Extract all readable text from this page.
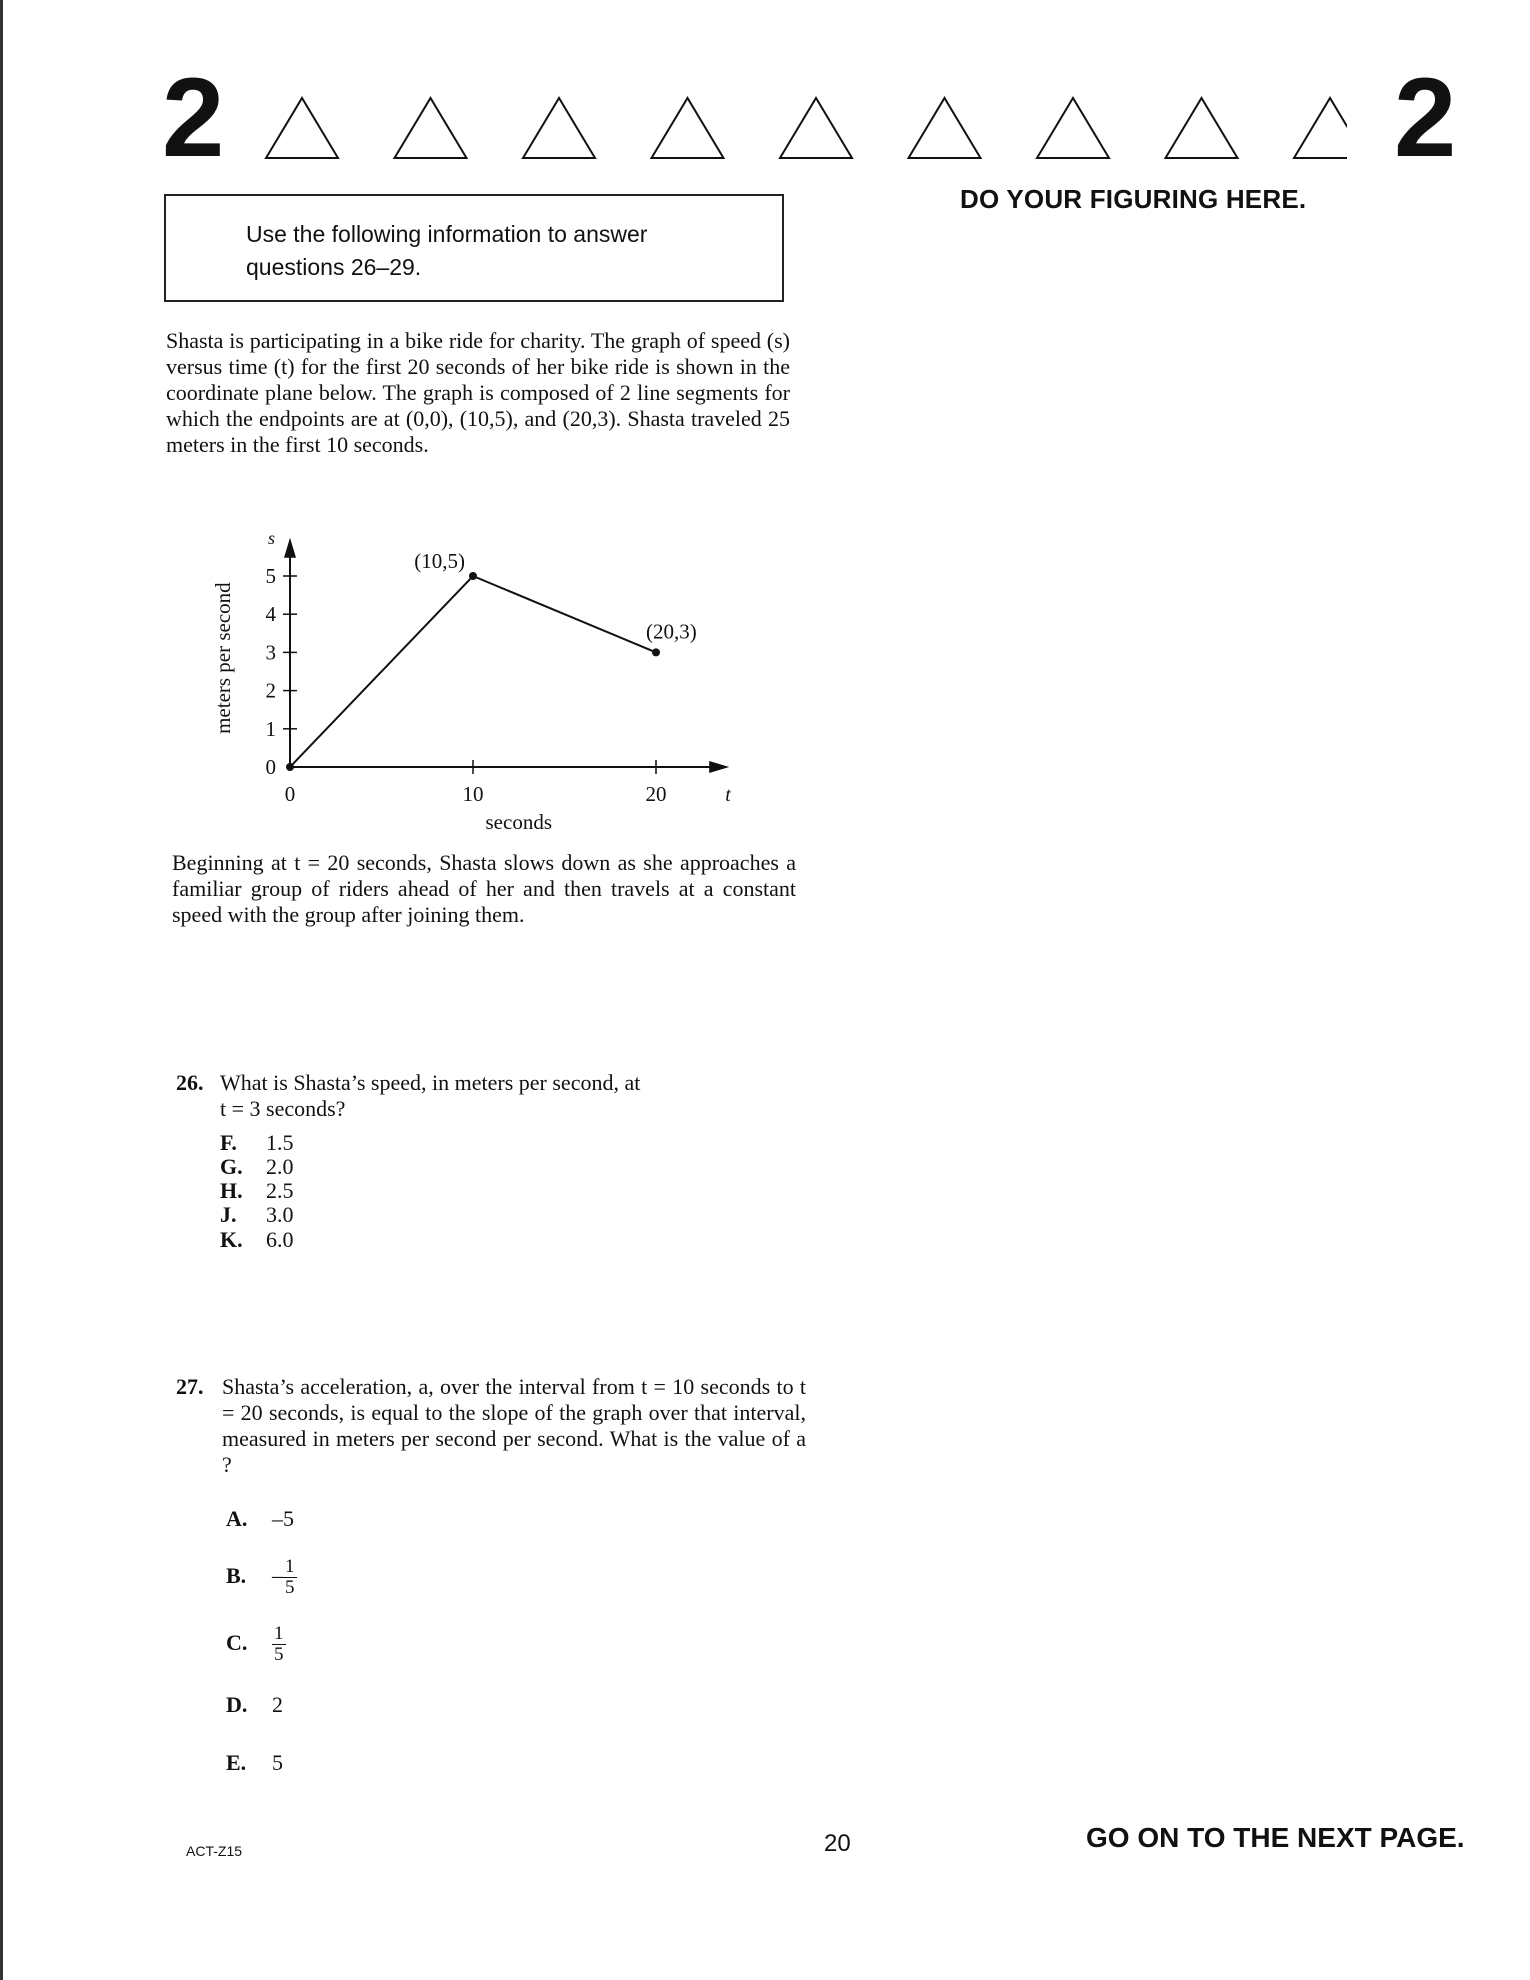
2	2
DO YOUR FIGURING HERE.
Use the following information to answer
questions 26–29.
Shasta is participating in a bike ride for charity. The graph of speed (s) versus time (t) for the first 20 seconds of her bike ride is shown in the coordinate plane below. The graph is composed of 2 line segments for which the endpoints are at (0,0), (10,5), and (20,3). Shasta traveled 25 meters in the first 10 seconds.
0
1
2
3
4
5
0	10	20
s
t
seconds
meters per second
(10,5)
(20,3)
Beginning at t = 20 seconds, Shasta slows down as she approaches a familiar group of riders ahead of her and then travels at a constant speed with the group after joining them.
26. What is Shasta’s speed, in meters per second, at
t = 3 seconds?
F. 1.5
G. 2.0
H. 2.5
J. 3.0
K. 6.0
27. Shasta’s acceleration, a, over the interval from t = 10 seconds to t = 20 seconds, is equal to the slope of the graph over that interval, measured in meters per second per second. What is the value of a ?
A. –5
B. – $\frac{1}{5}$
C. $\frac{1}{5}$
D. 2
E. 5
ACT-Z15	20	GO ON TO THE NEXT PAGE.
